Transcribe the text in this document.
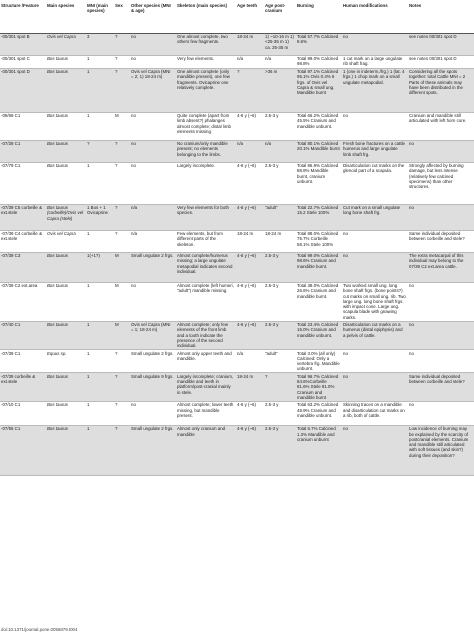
Structure /Feature	Main species	MNI (main species)	Sex	Other species (MNI & age)	Skeleton (main species)	Age teeth	Age post-cranium	Burning	Human modifications	Notes
-00/301 spot B	Ovis vel Capra	3	?	no	One almost complete, two others few fragments.	18-24 m	1) ~10-16 m 1) <25-35 m 1) ca. 25-35 m	Total 57.7% Calcined 8.6%	no	see notes 00/301 spot D
-00/301 spot C	Bos taurus	1	?	no	Very few elements.	n/a	n/a	Total 99.0% Calcined 98.8%	1 cut mark on a large ungulate rib shaft frag.	see notes 00/301 spot D
-00/301 spot D	Bos taurus	1	?	Ovis vel Capra (MNI = 2; 1) 18-24 m)	One almost complete (only mandible present), one few fragments. Ovicaprine one relatively complete.	?	>36 m	Total 97.1% Calcined 95.1% Ovis 0.4% 6 frgs. of Ovis vel Capra & small ung. Mandible burnt	1 (one in indeterm./frg.) 1 (lat. 4 frgs.) 1 chop mark on a small ungulate metapodial.	Considering all the spots together: total Cattle MNI = 2 Parts of these animals may have been distributed in the different spots.
-09/69 C1	Bos taurus	1	M	no	Quite complete (apart from limb absent?) phalanges almost complete; distal limb elements missing.	4-6 y (~6)	2.5-3 y	Total 66.2% Calcined 45.5% Cranium and mandible unburnt.	no	Cranium and mandible still articulated with left horn core.
-07/28 C1	Bos taurus	?	?	no	No cranium/only mandible present; no elements belonging to the limbs.	n/a	n/a	Total 80.1% Calcined 20.1% Mandible burnt	Fresh bone fractures on a cattle humerus and large ungulate limb shaft frg.	no
-07/79 C1	Bos taurus	1	?	no	Largely incomplete.	4-6 y (~6)	2.5-3 y	Total 96.9% Calcined 88.8% Mandible burnt, cranium unburnt.	Disarticulation cut marks on the glenoid part of a scapula.	Strongly affected by burning damage, but less intense (relatively few calcined specimens) than other structures.
-07/39 C5 corbeille & ext.stele	Bos taurus (corbeille)/Ovis vel Capra (stele)	1 Bos + 1 Ovicaprine	?	n/a	Very few elements for both species.	4-6 y (~6)	"adult"	Total 22.7% Calcined 15.2 Stele 100%	Cut mark on a small ungulate long bone shaft frg.	no
-07/39 C4 corbeille & ext.stele	Ovis vel Capra	1	?	n/a	Few elements, but from different parts of the skeleton.	18-24 m	18-24 m	Total 88.0% Calcined 75.7% Corbeille 58.1% Stele 100%	no	Same individual deposited between corbeille and stele?
-07/39 C3	Bos taurus	1(+1?)	M	Small ungulate 2 frgs.	Almost complete/humerus missing; a large ungulate metapodial indicates second individual.	4-6 y (~6)	2.5-3 y	Total 99.0% Calcined 98.6% Cranium and mandible burnt.	no	The extra metacarpal of this individual may belong to the 07/39 C2 ext.area cattle.
-07/39 C2 ext.area	Bos taurus	1	M	no	Almost complete (left humeri, "adult") mandible missing.	4-6 y (~6)	2.5-3 y	Total 38.0% Calcined 26.6% Cranium and mandible burnt.	Two worked small ung. long bone shaft frgs. (bone points?) cut marks on small ung. rib. Two large ung. long bone shaft frgs. with impact cone. Large ung. scapula blade with gnawing marks.	no
-07/40 C1	Bos taurus	1	M	Ovis vel Capra (MNI = 1; 18-24 m)	Almost complete; only few elements of the front limb and a tooth indicate the presence of the second individual.	4-6 y (~6)	2.5-3 y	Total 23.4% Calcined 15.0% Cranium and mandible unburnt.	Disarticulation cut marks on a humerus (distal epiphysis) and a pelvis of cattle.	no
-07/39 C1	Equus sp.	1	?	Small ungulate 2 frgs.	Almost only upper teeth and mandible.	n/a	"adult"	Total 3.0% (all only) Calcined: Only a vertebra frg. Mandible unburnt.	no	no
-07/39 corbeille & ext.stele	Bos taurus	1	?	Small ungulate 9 frgs.	Largely incomplete; cranium, mandible and teeth in platform/post-cranial mainly in stele.	18-24 m	?	Total 96.7% Calcined 84.6%Corbeille 81.6% Stele 91.0% Cranium and mandible burnt	no	Same individual deposited between corbeille and stele?
-07/10 C1	Bos taurus	1	?	no	Almost complete; lower teeth missing, but mandible present.	4-6 y (~6)	2.5-3 y	Total 63.2% Calcined 48.9% Cranium and mandible unburnt.	Skinning traces on a mandible and disarticulation cut marks on a rib, both of cattle.	no
-07/55 C1	Bos taurus	1	?	Small ungulate 2 frgs.	Almost only cranium and mandible	4-6 y (~6)	2.5-3 y	Total 6.7% Calcined 1.3% Mandible and cranium unburnt	no	Low incidence of burning may be explained by the scarcity of postcranial elements. Cranium and mandible still articulated with soft tissues (and skin?) during their deposition?
doi:10.1371/journal.pone.0056879.t004
